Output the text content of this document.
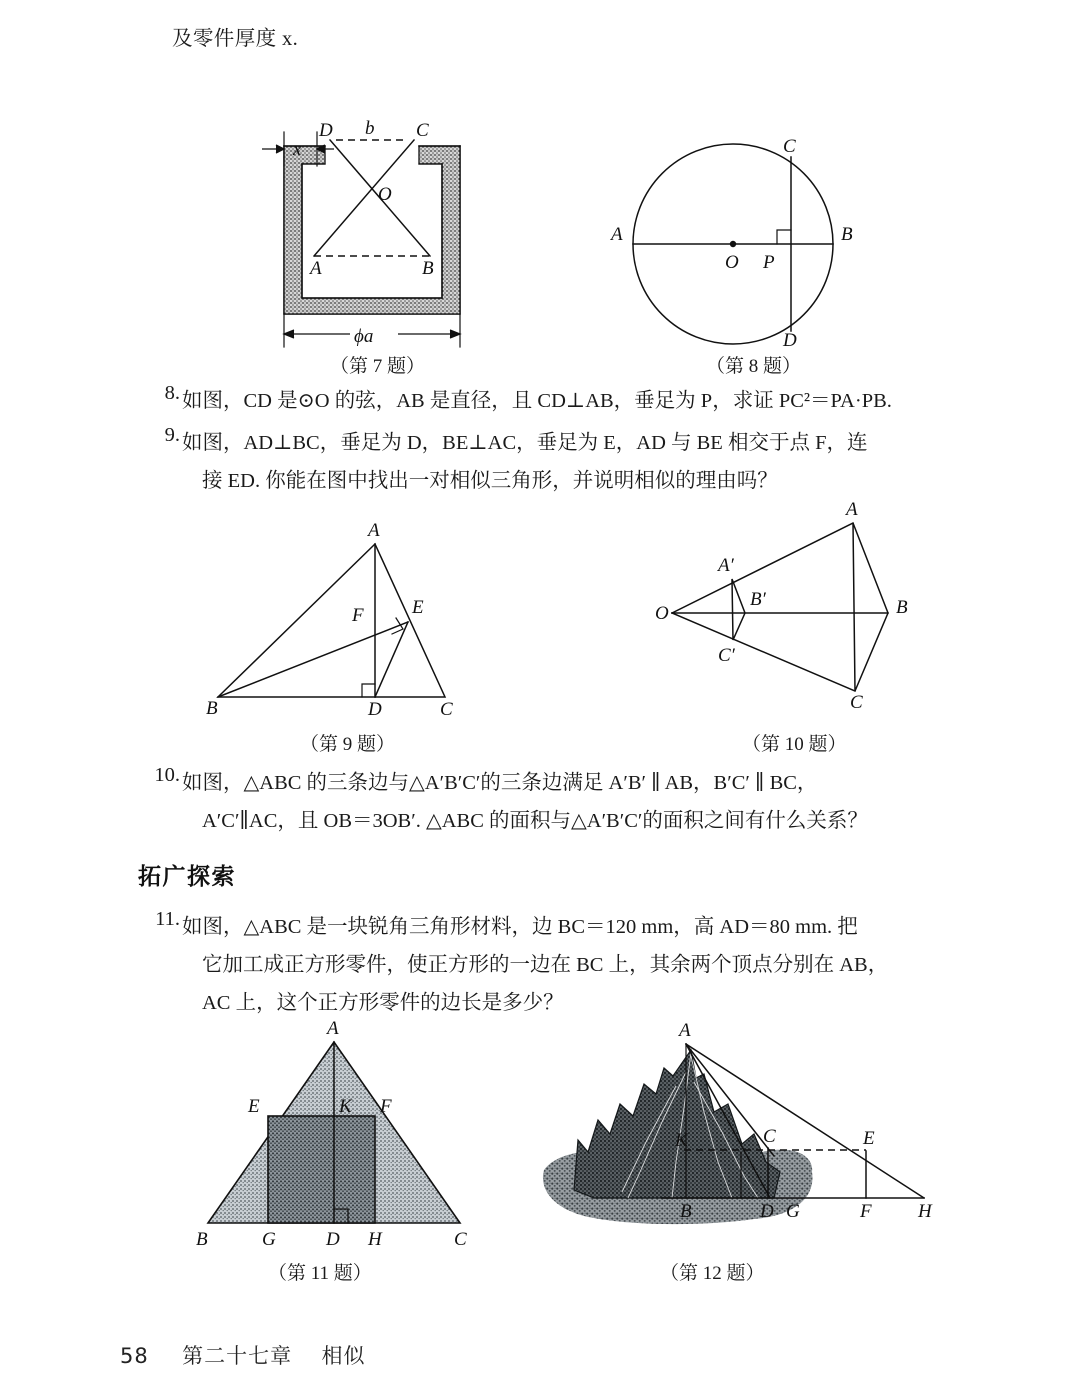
及零件厚度 x.
D b C
O
A	B
x
ϕa
（第 7 题）
A	B
C
D
O P
（第 8 题）
8. 如图，CD 是⊙O 的弦，AB 是直径，且 CD⊥AB，垂足为 P，求证 PC²＝PA·PB.
9. 如图，AD⊥BC，垂足为 D，BE⊥AC，垂足为 E，AD 与 BE 相交于点 F，连
接 ED. 你能在图中找出一对相似三角形，并说明相似的理由吗？
A
B	D	C
E
F
（第 9 题）
A
B
C
O
A′
B′
C′
（第 10 题）
10. 如图，△ABC 的三条边与△A′B′C′的三条边满足 A′B′ ∥ AB，B′C′ ∥ BC，
A′C′∥AC，且 OB＝3OB′. △ABC 的面积与△A′B′C′的面积之间有什么关系？
拓广探索
11. 如图，△ABC 是一块锐角三角形材料，边 BC＝120 mm，高 AD＝80 mm. 把
它加工成正方形零件，使正方形的一边在 BC 上，其余两个顶点分别在 AB，
AC 上，这个正方形零件的边长是多少？
A
E	K F
B	G	D H	C
（第 11 题）
A
K	C	E
B	D G	F H
（第 12 题）
58 第二十七章 相似
